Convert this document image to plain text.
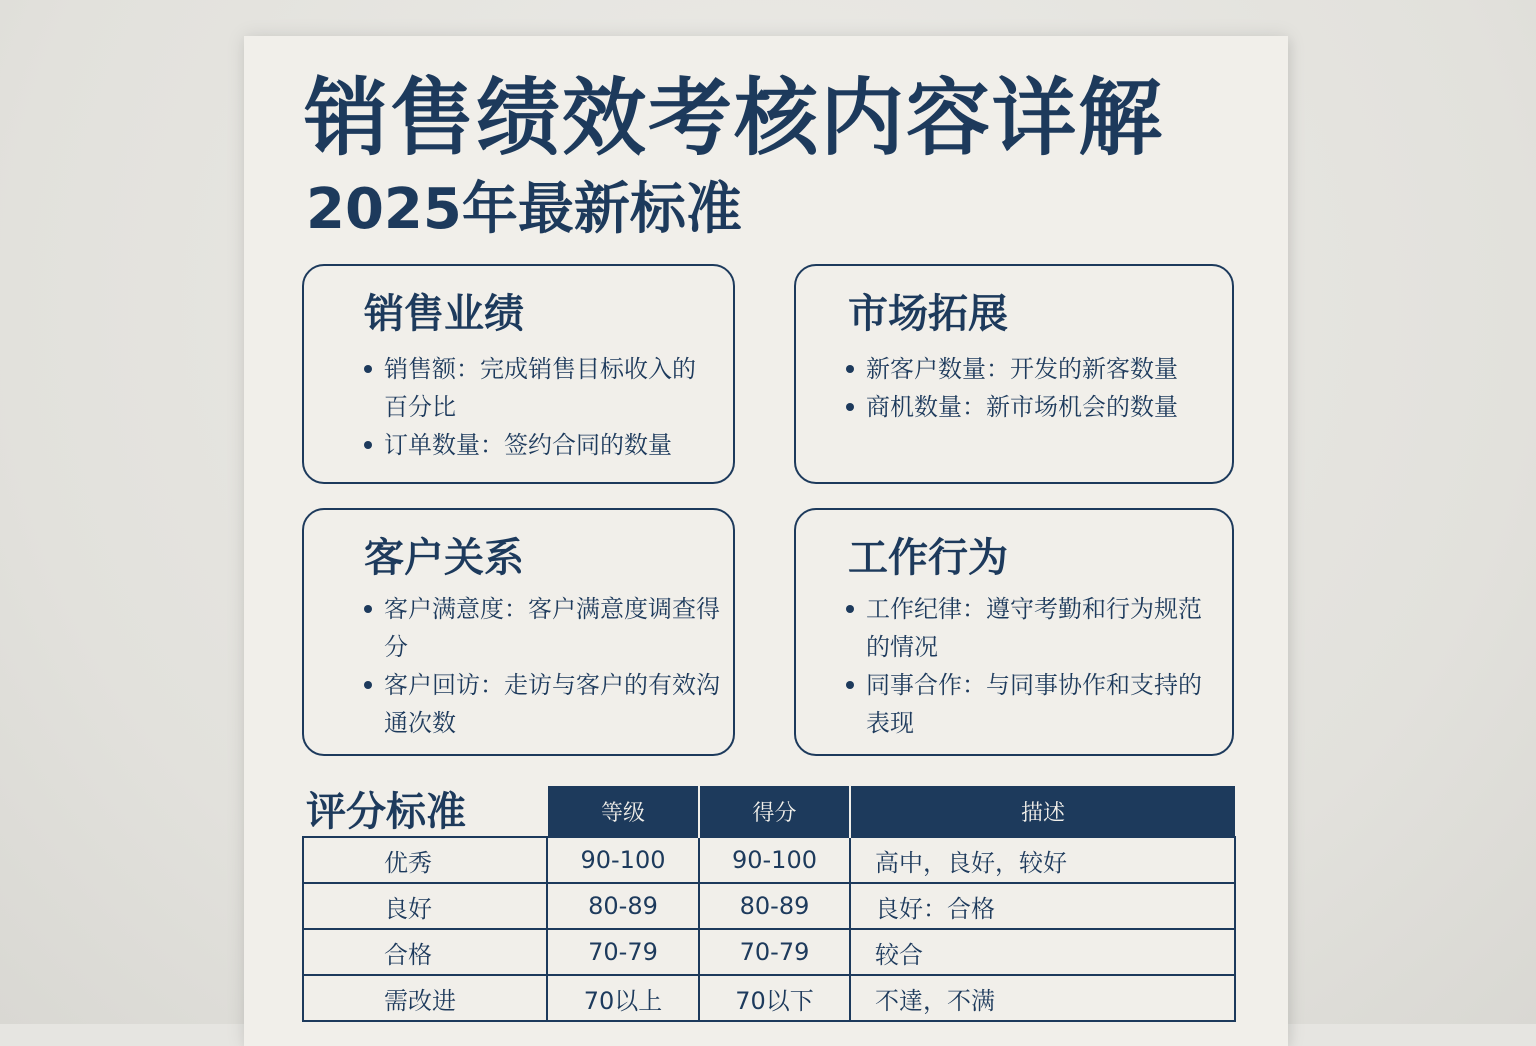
销售绩效考核内容详解
2025年最新标准
销售业绩
销售额：完成销售目标收入的百分比
订单数量：签约合同的数量
市场拓展
新客户数量：开发的新客数量
商机数量：新市场机会的数量
客户关系
客户满意度：客户满意度调查得分
客户回访：走访与客户的有效沟通次数
工作行为
工作纪律：遵守考勤和行为规范的情况
同事合作：与同事协作和支持的表现
	等级	得分	描述
优秀	90-100	90-100	高中，良好，较好
良好	80-89	80-89	良好：合格
合格	70-79	70-79	较合
需改进	70以上	70以下	不達，不满
评分标准
